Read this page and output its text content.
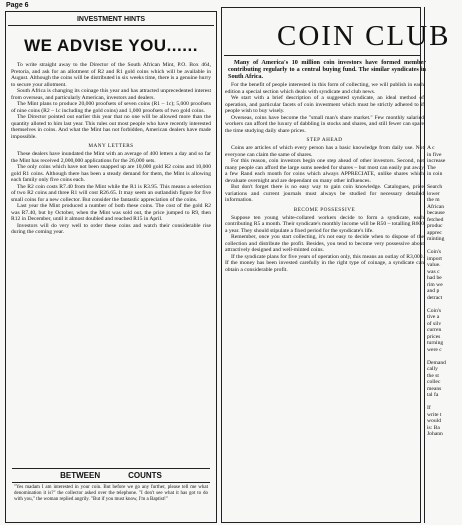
Page 6
INVESTMENT HINTS
WE ADVISE YOU......

To write straight away to the Director of the South African Mint, P.O. Box 464, Pretoria, and ask for an allotment of R2 and R1 gold coins which will be available in August. Although the coins will be distributed in six weeks time, there is a genuine hurry to secure your allotment.

South Africa is changing its coinage this year and has attracted unprecedented interest from overseas, and particularly American, investors and dealers.

The Mint plans to produce 20,000 proofsets of seven coins (R1 – 1c); 5,000 proofsets of nine coins (R2 – 1c including the gold coins) and 1,000 proofsets of two gold coins.

The Director pointed out earlier this year that no one will be allowed more than the quantity alloted to him last year. This rules out most people who have recently interested themselves in coins. And what the Mint has not forbidden, American dealers have made impossible.

MANY LETTERS

These dealers have inundated the Mint with an average of 400 letters a day and so far the Mint has received 2,000,000 applications for the 26,000 sets.

The only coins which have not been snapped up are 10,000 gold R2 coins and 10,000 gold R1 coins. Although there has been a steady demand for them, the Mint is allowing each family only five coins each.

The R2 coin costs R7.40 from the Mint while the R1 is R3.95. This means a selection of two R2 coins and three R1 will cost R26.65. It may seem an outlandish figure for five small coins for a new collector. But consider the fantastic appreciation of the coins.

Last year the Mint produced a number of both these coins. The cost of the gold R2 was R7.40, but by October, when the Mint was sold out, the price jumped to R9, then R12 in December, until it almost doubled and reached R15 in April.

Investors will do very well to order these coins and watch their considerable rise during the coming year.

BETWEEN	COUNTS
"Yes madam I am interested in your coin. But before we go any further, please tell me what denomination it is?" the collector asked over the telephone. "I don't see what it has got to do with you," the woman replied angrily. "But if you must know, I'm a Baptist!"
COIN CLUB
Many of America's 10 million coin investors have formed member contributing regularly to a central buying fund. The similar syndicates in South Africa.

For the benefit of people interested in this form of collecting, we will publish in each edition a special section which deals with syndicate and club news.

We start with a brief description of a suggested syndicate, an ideal method of operation, and particular facets of coin investment which must be strictly adhered to if people wish to buy wisely.

Overseas, coins have become the "small man's share market." Few monthly salaried workers can afford the luxury of dabbling in stocks and shares, and still fewer can spare the time studying daily share prices.

STEP AHEAD

Coins are articles of which every person has a basic knowledge from daily use. Not everyone can claim the same of shares.

For this reason, coin investors begin one step ahead of other investors. Second, not many people can afford the large sums needed for shares – but most can easily put away a few Rand each month for coins which always APPRECIATE, unlike shares which devaluate overnight and are dependant on many other influences.

But don't forget there is no easy way to gain coin knowledge. Catalogues, price variations and current journals must always be studied for necessary detailed information.

BECOME POSSESSIVE

Suppose ten young white-collared workers decide to form a syndicate, each contributing R5 a month. Their syndicate's monthly income will be R50 – totalling R600 a year. They should stipulate a fixed period for the syndicate's life.

Remember, once you start collecting, it's not easy to decide when to dispose of the collection and distribute the profit. Besides, you tend to become very possessive about attractively designed and well-minted coins.

If the syndicate plans for five years of operation only, this means an outlay of R3,000. If the money has been invested carefully in the right type of coinage, a syndicate can obtain a considerable profit.

A c
in five
increase
The
in coin

Search
lower
the m
African
because
fetched
produc
apprec
minting

Coin's
import
value.
was c
had be
rim we
and p
detract

Coin's
tive a
of silv
curren
prices
turning
were c

Demand
cally
the st
collec
means
tal fa

If
write t
would
is: Ba
Johann
